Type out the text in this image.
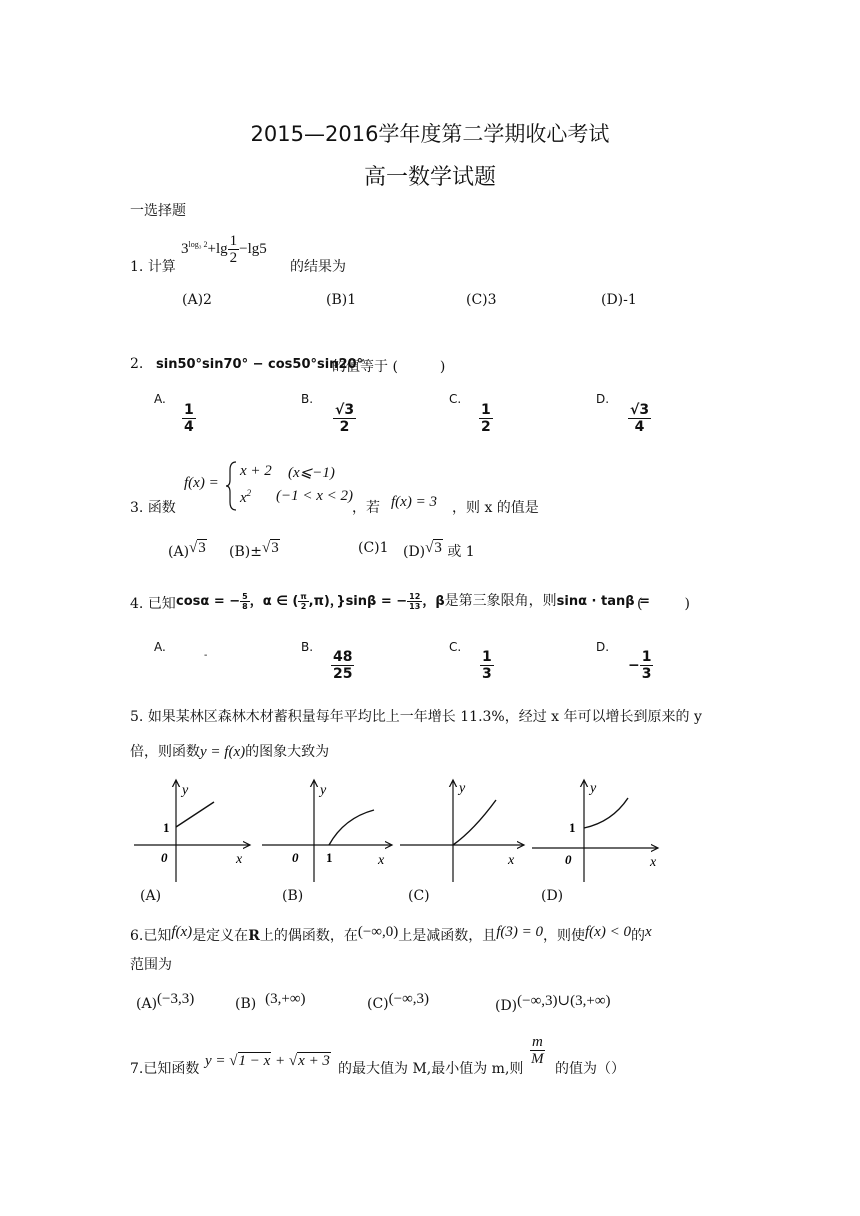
2015—2016学年度第二学期收心考试
高一数学试题
一选择题
1. 计算
$3^{log_3 2}+\lg \frac{1}{2} -\lg 5$
的结果为
(A)2	(B)1	(C)3	(D)-1
2. sin50°sin70° − cos50°sin20°
的值等于 (　　　)
A.
$\frac{1}{4}$
B.
$\frac{√3}{2}$
C.
$\frac{1}{2}$
D.
$\frac{√3}{4}$
3. 函数
f(x) =
x + 2 (x⩽−1)
$x^2$ (−1 < x < 2)
，若 f(x) = 3 ，则 x 的值是
(A)√3 (B)±√3	(C)1 (D)√3 或 1
4. 已知 cosα = − $\frac{5}{8}$ ，α ∈ ( $\frac{\pi}{2} ,\pi$)，}sinβ = − $\frac{12}{13}$ ，β是第三象限角，则sinα · tanβ =
(　　　)
A.
-
B.
$\frac{48}{25}$
C.
$\frac{1}{3}$
D.
− $\frac{1}{3}$
5. 如果某林区森林木材蓄积量每年平均比上一年增长 11.3%，经过 x 年可以增长到原来的 y
倍，则函数y = f(x)的图象大致为
y
x
0
1
y
x
0 1
y
x
y
x
0
1
(A)	(B)	(C)	(D)
6.已知f(x)是定义在R上的偶函数，在(−∞,0)上是减函数，且f(3) = 0，则使f(x) < 0的x
范围为
(A)(−3,3)	(B) (3,+∞)	(C)(−∞,3)	(D)(−∞,3)∪(3,+∞)
7.已知函数 y = √1 − x + √x + 3 的最大值为 M,最小值为 m,则
$\frac{m}{M}$
的值为（）
